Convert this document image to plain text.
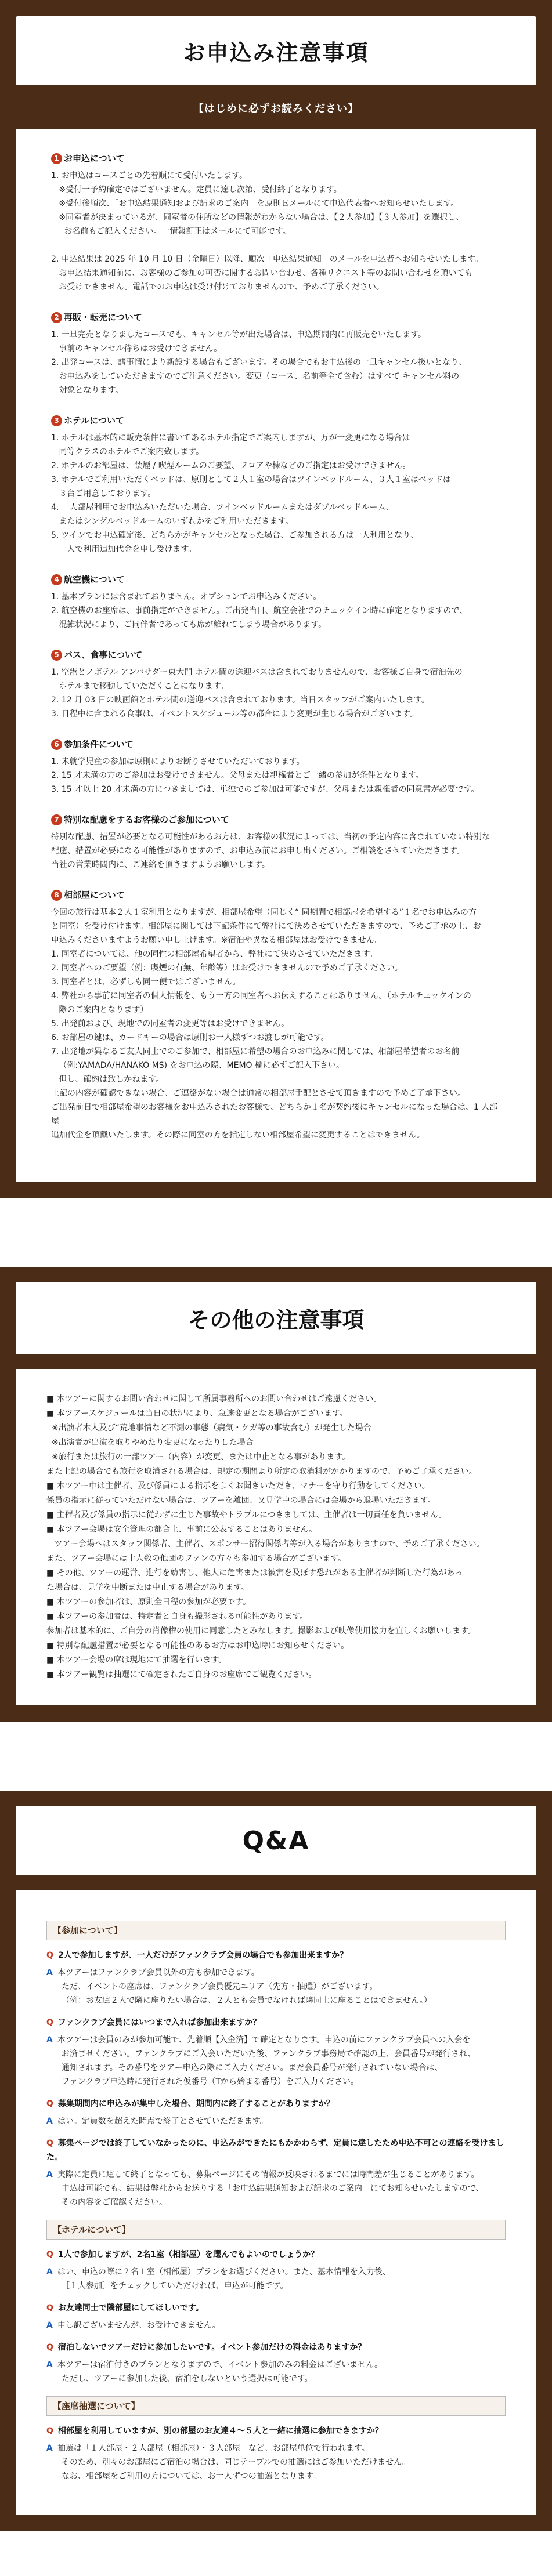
お申込み注意事項
【はじめに必ずお読みください】
1 お申込について
1. お申込はコースごとの先着順にて受付いたします。
※受付一予約確定ではございません。定員に達し次第、受付終了となります。
※受付後順次、「お申込結果通知および請求のご案内」を原則Ｅメールにて申込代表者へお知らせいたします。
※同室者が決まっているが、同室者の住所などの情報がわからない場合は、【２人参加】【３人参加】を選択し、
お名前もご記入ください。一情報訂正はメールにて可能です。

2. 申込結果は 2025 年 10 月 10 日（金曜日）以降、順次「申込結果通知」のメールを申込者へお知らせいたします。
お申込結果通知前に、お客様のご参加の可否に関するお問い合わせ、各種リクエスト等のお問い合わせを頂いても
お受けできません。電話でのお申込は受け付けておりませんので、予めご了承ください。
2 再販・転売について
1. 一旦完売となりましたコースでも、キャンセル等が出た場合は、申込期間内に再販売をいたします。
事前のキャンセル待ちはお受けできません。
2. 出発コースは、諸事情により新設する場合もございます。その場合でもお申込後の一旦キャンセル扱いとなり、
お申込みをしていただきますのでご注意ください。変更（コース、名前等全て含む）はすべて キャンセル料の
対象となります。
3 ホテルについて
1. ホテルは基本的に販売条件に書いてあるホテル指定でご案内しますが、万が一変更になる場合は
同等クラスのホテルでご案内致します。
2. ホテルのお部屋は、禁煙 / 喫煙ルームのご要望、フロアや棟などのご指定はお受けできません。
3. ホテルでご利用いただくベッドは、原則として２人１室の場合はツインベッドルーム、３人１室はベッドは
３台ご用意しております。
4. 一人部屋利用でお申込みいただいた場合、ツインベッドルームまたはダブルベッドルーム、
またはシングルベッドルームのいずれかをご利用いただきます。
5. ツインでお申込確定後、どちらかがキャンセルとなった場合、ご参加される方は一人利用となり、
一人で利用追加代金を申し受けます。
4 航空機について
1. 基本プランには含まれておりません。オプションでお申込みください。
2. 航空機のお座席は、事前指定ができません。ご出発当日、航空会社でのチェックイン時に確定となりますので、
混雑状況により、ご同伴者であっても席が離れてしまう場合があります。
5 バス、食事について
1. 空港とノボテル アンバサダー東大門 ホテル間の送迎バスは含まれておりませんので、お客様ご自身で宿泊先の
ホテルまで移動していただくことになります。
2. 12 月 03 日の映画館とホテル間の送迎バスは含まれております。当日スタッフがご案内いたします。
3. 日程中に含まれる食事は、イベントスケジュール等の都合により変更が生じる場合がございます。
6 参加条件について
1. 未就学児童の参加は原則によりお断りさせていただいております。
2. 15 才未満の方のご参加はお受けできません。父母または親権者とご一緒の参加が条件となります。
3. 15 才以上 20 才未満の方につきましては、単独でのご参加は可能ですが、父母または親権者の同意書が必要です。
7 特別な配慮をするお客様のご参加について
特別な配慮、措置が必要となる可能性があるお方は、お客様の状況によっては、当初の予定内容に含まれていない特別な
配慮、措置が必要になる可能性がありますので、お申込み前にお申し出ください。ご相談をさせていただきます。
当社の営業時間内に、ご連絡を頂きますようお願いします。
8 相部屋について
今回の旅行は基本２人１室利用となりますが、相部屋希望（同じく“ 同期間で相部屋を希望する”１名でお申込みの方
と同室）を受け付けます。相部屋に関しては下記条件にて弊社にて決めさせていただきますので、予めご了承の上、お
申込みくださいますようお願い申し上げます。※宿泊や異なる相部屋はお受けできません。
1. 同室者については、他の同性の相部屋希望者から、弊社にて決めさせていただきます。
2. 同室者へのご要望（例：喫煙の有無、年齢等）はお受けできませんので予めご了承ください。
3. 同室者とは、必ずしも同一便ではございません。
4. 弊社から事前に同室者の個人情報を、もう一方の同室者へお伝えすることはありません。（ホテルチェックインの
際のご案内となります）
5. 出発前および、現地での同室者の変更等はお受けできません。
6. お部屋の鍵は、カードキーの場合は原則お一人様ずつお渡しが可能です。
7. 出発地が異なるご友人同士でのご参加で、相部屋に希望の場合のお申込みに関しては、相部屋希望者のお名前
（例:YAMADA/HANAKO MS) をお申込の際、MEMO 欄に必ずご記入下さい。
但し、確約は致しかねます。
上記の内容が確認できない場合、ご連絡がない場合は通常の相部屋手配とさせて頂きますので予めご了承下さい。
ご出発前日で相部屋希望のお客様をお申込みされたお客様で、どちらか１名が契約後にキャンセルになった場合は、1 人部屋
追加代金を頂戴いたします。その際に同室の方を指定しない相部屋希望に変更することはできません。
その他の注意事項
■ 本ツアーに関するお問い合わせに関して所属事務所へのお問い合わせはご遠慮ください。
■ 本ツアースケジュールは当日の状況により、急遽変更となる場合がございます。
※出演者本人及び“荒地事情など不測の事態（病気・ケガ等の事故含む）が発生した場合
※出演者が出演を取りやめたり変更になったりした場合
※旅行または旅行の一部ツアー（内容）が変更、または中止となる事があります。
また上記の場合でも旅行を取消される場合は、規定の期間より所定の取消料がかかりますので、予めご了承ください。
■ 本ツアー中は主催者、及び係員による指示をよくお聞きいただき、マナーを守り行動をしてください。
係員の指示に従っていただけない場合は、ツアーを離団、又見学中の場合には会場から退場いただきます。
■ 主催者及び係員の指示に従わずに生じた事故やトラブルにつきましては、主催者は一切責任を負いません。
■ 本ツアー会場は安全管理の都合上、事前に公表することはありません。
ツアー会場へはスタッフ関係者、主催者、スポンサー招待関係者等が入る場合がありますので、予めご了承ください。
また、ツアー会場には十人数の他団のファンの方々も参加する場合がございます。
■ その他、ツアーの運営、進行を妨害し、他人に危害または被害を及ぼす恐れがある主催者が判断した行為があっ
た場合は、見学を中断または中止する場合があります。
■ 本ツアーの参加者は、原則全日程の参加が必要です。
■ 本ツアーの参加者は、特定者と自身も撮影される可能性があります。
参加者は基本的に、ご自分の肖像権の使用に同意したとみなします。撮影および映像使用協力を宜しくお願いします。
■ 特別な配慮措置が必要となる可能性のあるお方はお申込時にお知らせください。
■ 本ツアー会場の席は現地にて抽選を行います。
■ 本ツアー観覧は抽選にて確定されたご自身のお座席でご観覧ください。
Q&A
【参加について】
Q 2人で参加しますが、一人だけがファンクラブ会員の場合でも参加出来ますか？
A 本ツアーはファンクラブ会員以外の方も参加できます。
ただ、イベントの座席は、ファンクラブ会員優先エリア（先方・抽選）がございます。
（例：お友達２人で隣に座りたい場合は、２人とも会員でなければ隣同士に座ることはできません。）
Q ファンクラブ会員にはいつまで入れば参加出来ますか？
A 本ツアーは会員のみが参加可能で、先着順【入金済】で確定となります。申込の前にファンクラブ会員への入会を
お済ませください。ファンクラブにご入会いただいた後、ファンクラブ事務局で確認の上、会員番号が発行され、
通知されます。その番号をツアー申込の際にご入力ください。まだ会員番号が発行されていない場合は、
ファンクラブ申込時に発行された仮番号（Tから始まる番号）をご入力ください。
Q 募集期間内に申込みが集中した場合、期間内に終了することがありますか？
A はい。定員数を超えた時点で終了とさせていただきます。
Q 募集ページでは終了していなかったのに、申込みができたにもかかわらず、定員に達したため申込不可との連絡を受けました。
A 実際に定員に達して終了となっても、募集ページにその情報が反映されるまでには時間差が生じることがあります。
申込は可能でも、結果は弊社からお送りする「お申込結果通知および請求のご案内」にてお知らせいたしますので、
その内容をご確認ください。
【ホテルについて】
Q 1人で参加しますが、2名1室（相部屋）を選んでもよいのでしょうか？
A はい、申込の際に２名１室（相部屋）プランをお選びください。また、基本情報を入力後、
［１人参加］をチェックしていただければ、申込が可能です。
Q お友達同士で隣部屋にしてほしいです。
A 申し訳ございませんが、お受けできません。
Q 宿泊しないでツアーだけに参加したいです。イベント参加だけの料金はありますか？
A 本ツアーは宿泊付きのプランとなりますので、イベント参加のみの料金はございません。
ただし、ツアーに参加した後、宿泊をしないという選択は可能です。
【座席抽選について】
Q 相部屋を利用していますが、別の部屋のお友達４～５人と一緒に抽選に参加できますか？
A 抽選は「１人部屋・２人部屋（相部屋）・３人部屋」など、お部屋単位で行われます。
そのため、別々のお部屋にご宿泊の場合は、同じテーブルでの抽選にはご参加いただけません。
なお、相部屋をご利用の方については、お一人ずつの抽選となります。
